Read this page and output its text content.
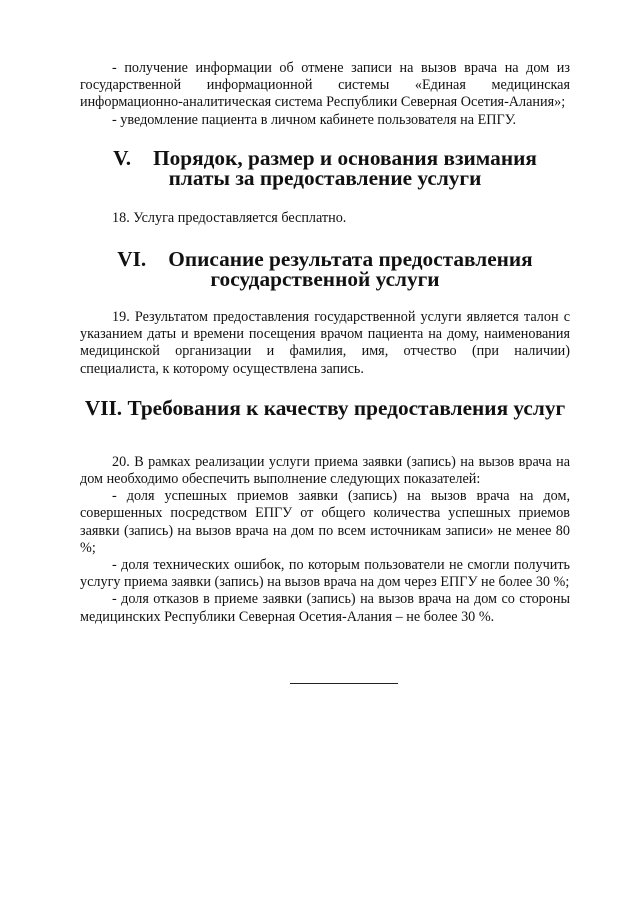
- получение информации об отмене записи на вызов врача на дом из государственной информационной системы «Единая медицинская информационно-аналитическая система Республики Северная Осетия-Алания»;

- уведомление пациента в личном кабинете пользователя на ЕПГУ.

V. Порядок, размер и основания взимания платы за предоставление услуги

18. Услуга предоставляется бесплатно.

VI. Описание результата предоставления государственной услуги

19. Результатом предоставления государственной услуги является талон с указанием даты и времени посещения врачом пациента на дому, наименования медицинской организации и фамилия, имя, отчество (при наличии) специалиста, к которому осуществлена запись.

VII. Требования к качеству предоставления услуг

20. В рамках реализации услуги приема заявки (запись) на вызов врача на дом необходимо обеспечить выполнение следующих показателей:

- доля успешных приемов заявки (запись) на вызов врача на дом, совершенных посредством ЕПГУ от общего количества успешных приемов заявки (запись) на вызов врача на дом по всем источникам записи» не менее 80 %;

- доля технических ошибок, по которым пользователи не смогли получить услугу приема заявки (запись) на вызов врача на дом через ЕПГУ не более 30 %;

- доля отказов в приеме заявки (запись) на вызов врача на дом со стороны медицинских Республики Северная Осетия-Алания – не более 30 %.
